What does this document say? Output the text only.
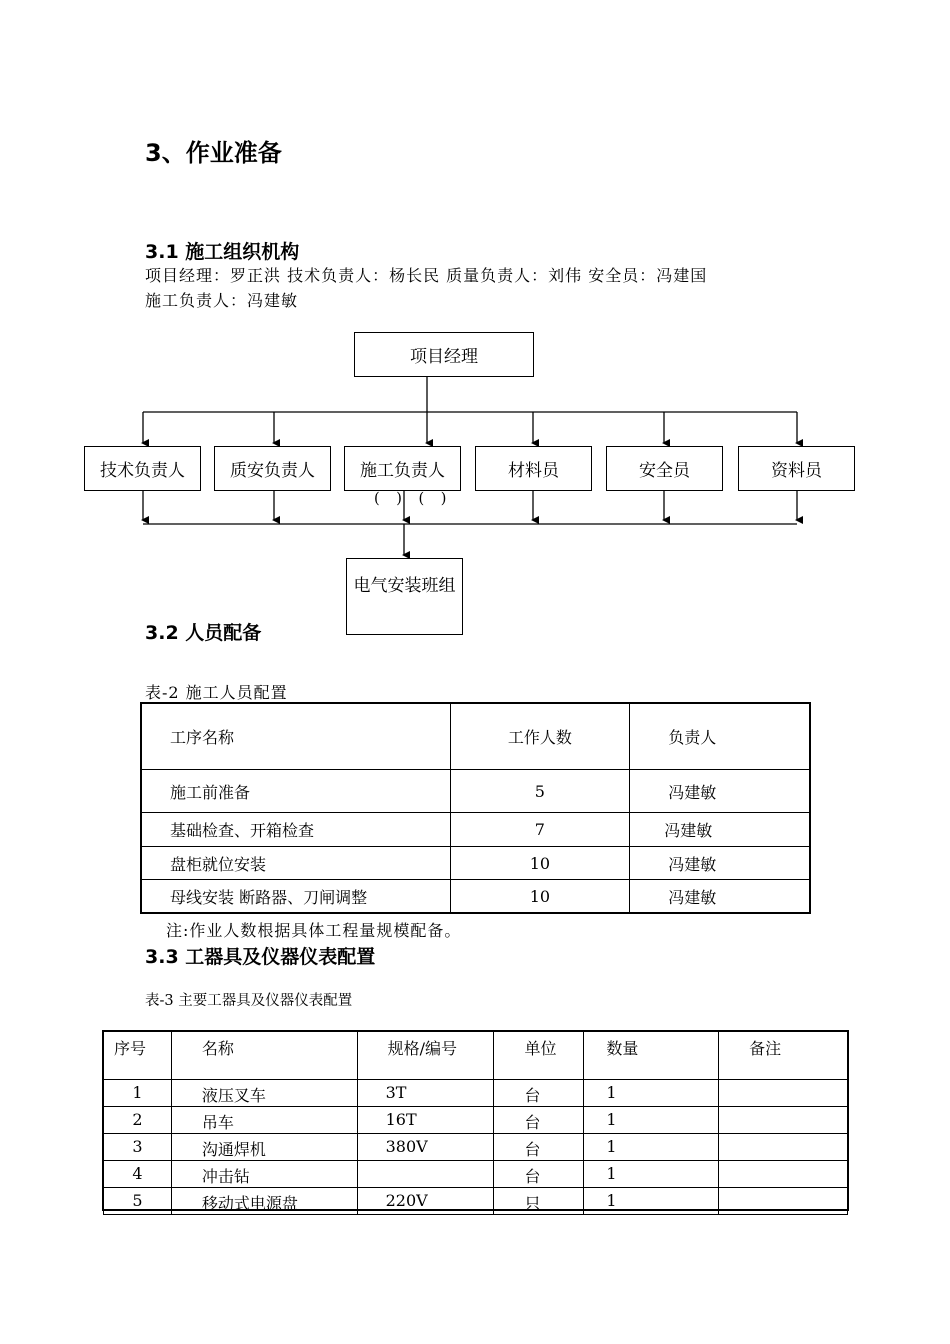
3、作业准备
3.1 施工组织机构
项目经理：罗正洪 技术负责人：杨长民 质量负责人：刘伟 安全员：冯建国
施工负责人：冯建敏
项目经理
技术负责人	质安负责人	施工负责人	材料员	安全员	资料员
( ) ( )
电气安装班组
3.2 人员配备
表-2 施工人员配置
工序名称	工作人数	负责人
施工前准备	5	冯建敏
基础检查、开箱检查	7	冯建敏
盘柜就位安装	10	冯建敏
母线安装 断路器、刀闸调整	10	冯建敏
注:作业人数根据具体工程量规模配备。
3.3 工器具及仪器仪表配置
表-3 主要工器具及仪器仪表配置
序号	名称	规格/编号	单位	数量	备注
1	液压叉车	3T	台	1	
2	吊车	16T	台	1	
3	沟通焊机	380V	台	1	
4	冲击钻		台	1	
5	移动式电源盘	220V	只	1	
